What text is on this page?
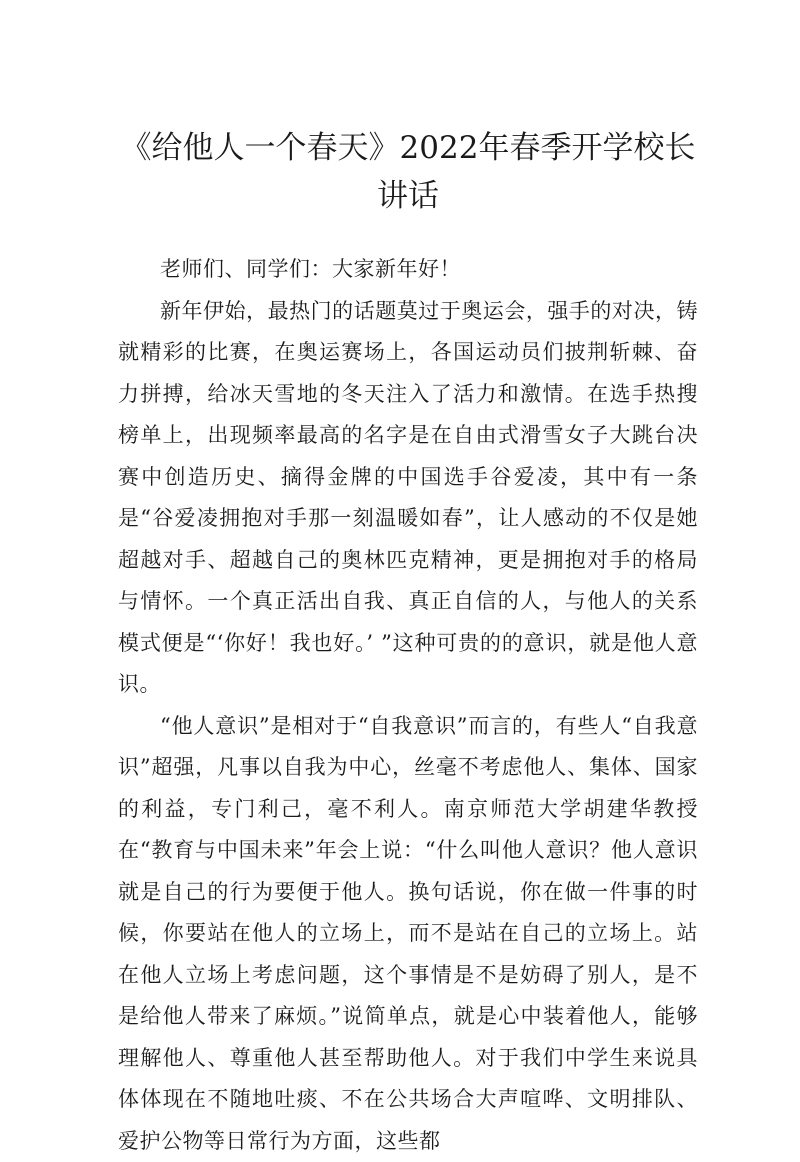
《给他人一个春天》2022年春季开学校长讲话

老师们、同学们：大家新年好！

新年伊始，最热门的话题莫过于奥运会，强手的对决，铸就精彩的比赛，在奥运赛场上，各国运动员们披荆斩棘、奋力拼搏，给冰天雪地的冬天注入了活力和激情。在选手热搜榜单上，出现频率最高的名字是在自由式滑雪女子大跳台决赛中创造历史、摘得金牌的中国选手谷爱凌，其中有一条是“谷爱凌拥抱对手那一刻温暖如春”，让人感动的不仅是她超越对手、超越自己的奥林匹克精神，更是拥抱对手的格局与情怀。一个真正活出自我、真正自信的人，与他人的关系模式便是“‘你好！我也好。’ ”这种可贵的的意识，就是他人意识。

“他人意识”是相对于“自我意识”而言的，有些人“自我意识”超强，凡事以自我为中心，丝毫不考虑他人、集体、国家的利益，专门利己，毫不利人。南京师范大学胡建华教授在“教育与中国未来”年会上说：“什么叫他人意识？他人意识就是自己的行为要便于他人。换句话说，你在做一件事的时候，你要站在他人的立场上，而不是站在自己的立场上。站在他人立场上考虑问题，这个事情是不是妨碍了别人，是不是给他人带来了麻烦。”说简单点，就是心中装着他人，能够理解他人、尊重他人甚至帮助他人。对于我们中学生来说具体体现在不随地吐痰、不在公共场合大声喧哗、文明排队、爱护公物等日常行为方面，这些都
